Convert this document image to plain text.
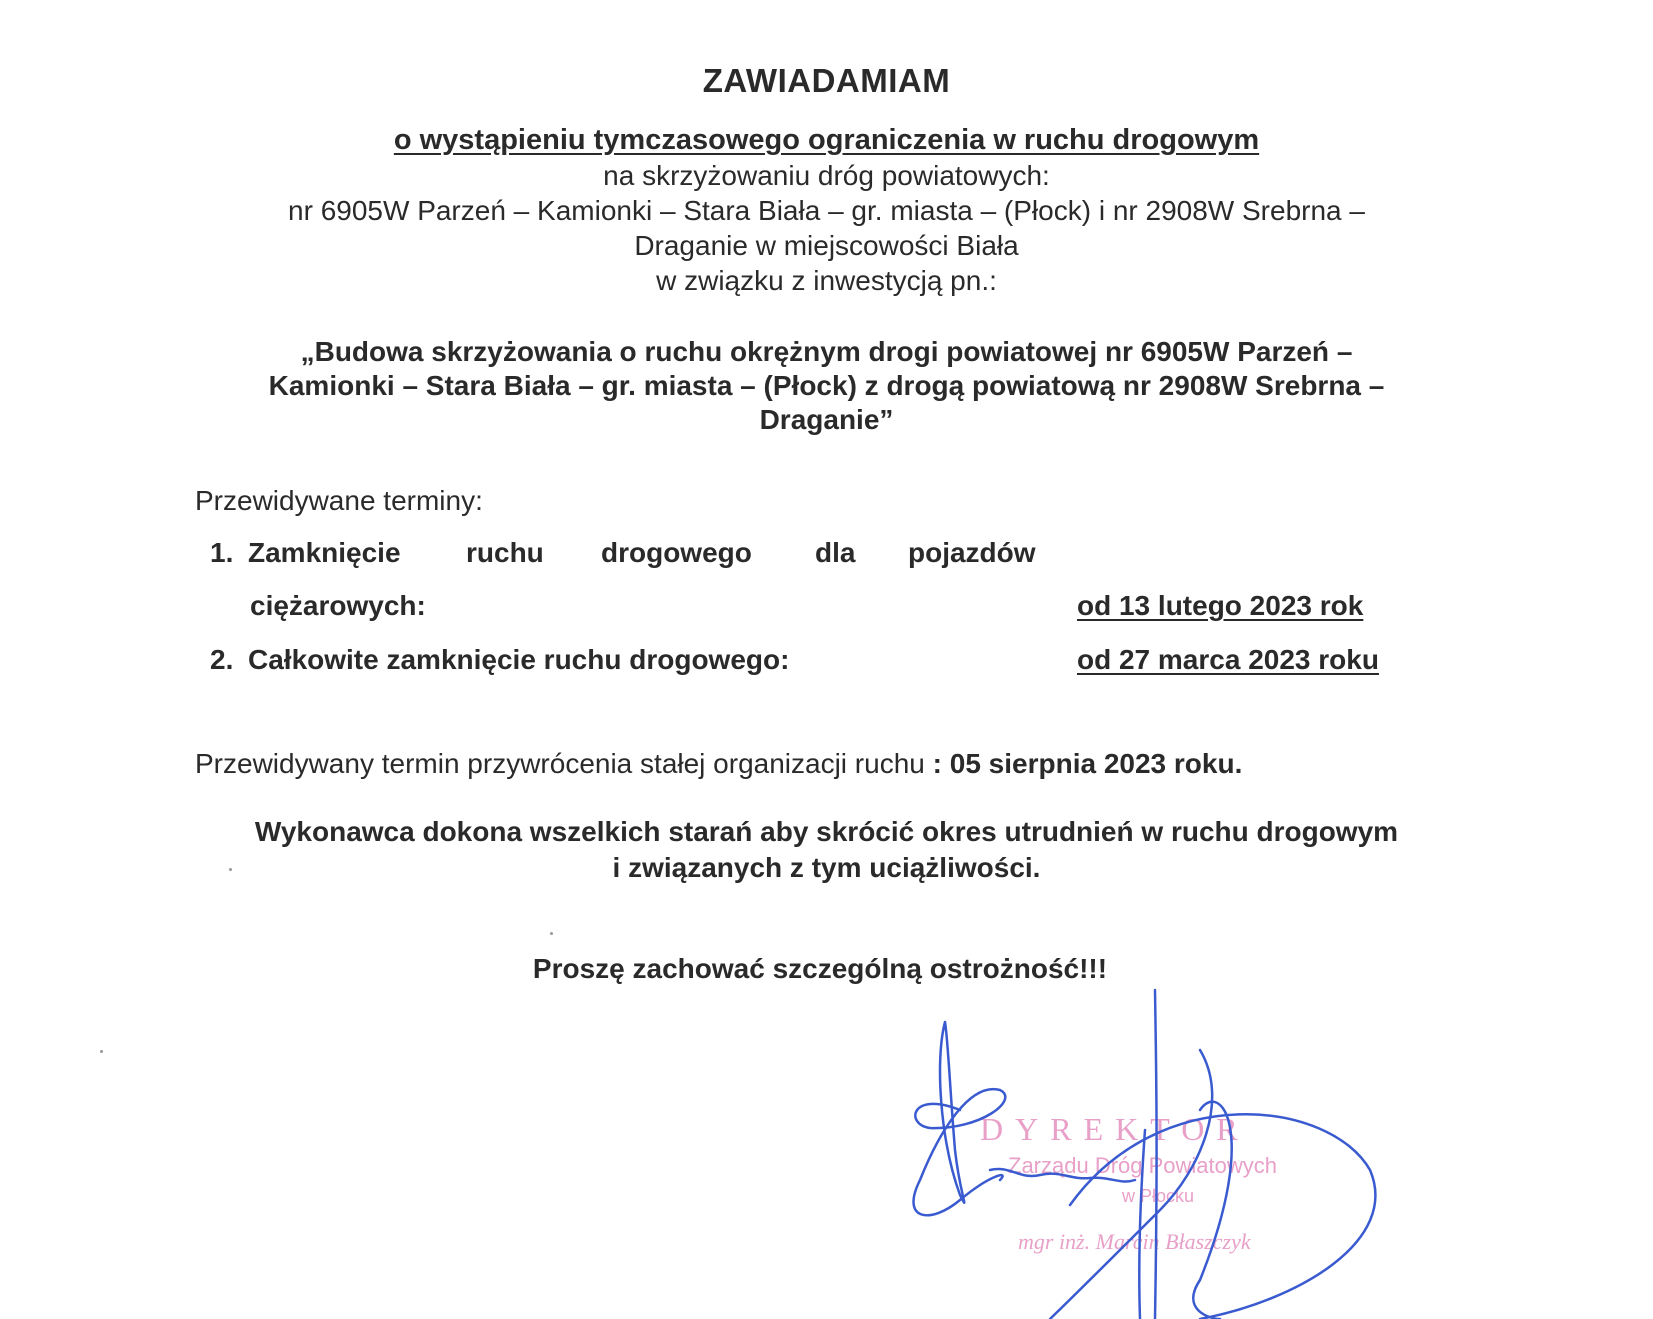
ZAWIADAMIAM
o wystąpieniu tymczasowego ograniczenia w ruchu drogowym
na skrzyżowaniu dróg powiatowych:
nr 6905W Parzeń – Kamionki – Stara Biała – gr. miasta – (Płock) i nr 2908W Srebrna –
Draganie w miejscowości Biała
w związku z inwestycją pn.:
„Budowa skrzyżowania o ruchu okrężnym drogi powiatowej nr 6905W Parzeń –
Kamionki – Stara Biała – gr. miasta – (Płock) z drogą powiatową nr 2908W Srebrna –
Draganie”
Przewidywane terminy:
1. Zamknięcie ruchu drogowego dla pojazdów
ciężarowych:	od 13 lutego 2023 rok
2. Całkowite zamknięcie ruchu drogowego:	od 27 marca 2023 roku
Przewidywany termin przywrócenia stałej organizacji ruchu : 05 sierpnia 2023 roku.
Wykonawca dokona wszelkich starań aby skrócić okres utrudnień w ruchu drogowym
i związanych z tym uciążliwości.
Proszę zachować szczególną ostrożność!!!
DYREKTOR
Zarządu Dróg Powiatowych
w Płocku
mgr inż. Marcin Błaszczyk
